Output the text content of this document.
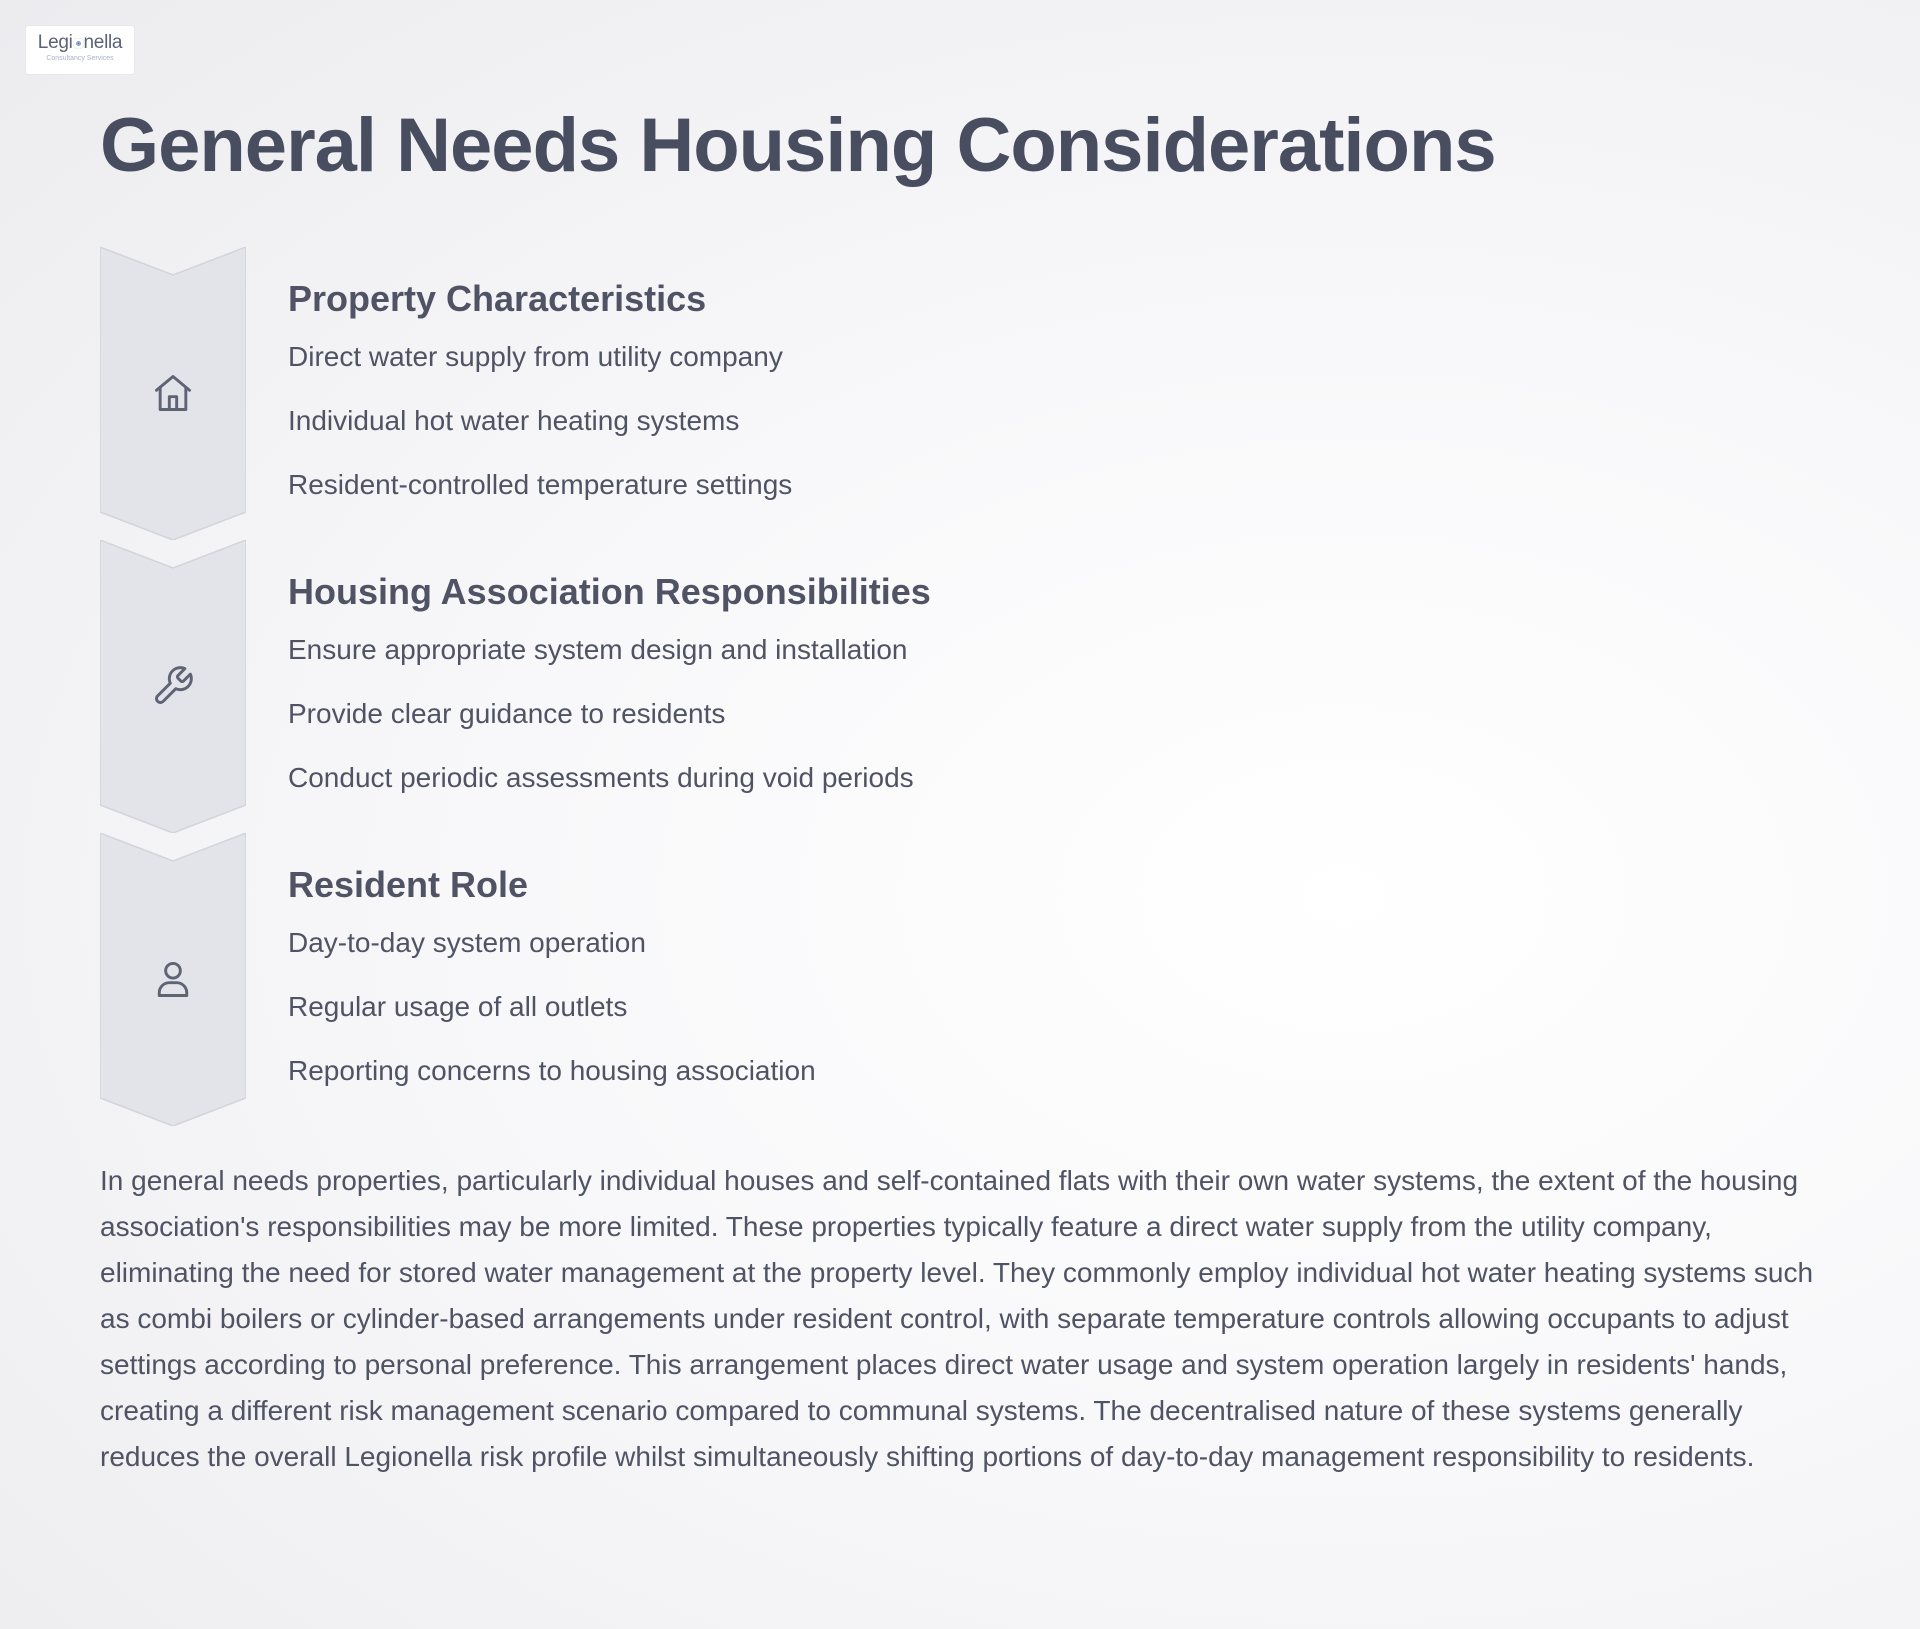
Legi nella
Consultancy Services
General Needs Housing Considerations
Property Characteristics
Direct water supply from utility company
Individual hot water heating systems
Resident-controlled temperature settings
Housing Association Responsibilities
Ensure appropriate system design and installation
Provide clear guidance to residents
Conduct periodic assessments during void periods
Resident Role
Day-to-day system operation
Regular usage of all outlets
Reporting concerns to housing association

In general needs properties, particularly individual houses and self-contained flats with their own water systems, the extent of the housing association's responsibilities may be more limited. These properties typically feature a direct water supply from the utility company, eliminating the need for stored water management at the property level. They commonly employ individual hot water heating systems such as combi boilers or cylinder-based arrangements under resident control, with separate temperature controls allowing occupants to adjust settings according to personal preference. This arrangement places direct water usage and system operation largely in residents' hands, creating a different risk management scenario compared to communal systems. The decentralised nature of these systems generally reduces the overall Legionella risk profile whilst simultaneously shifting portions of day-to-day management responsibility to residents.
